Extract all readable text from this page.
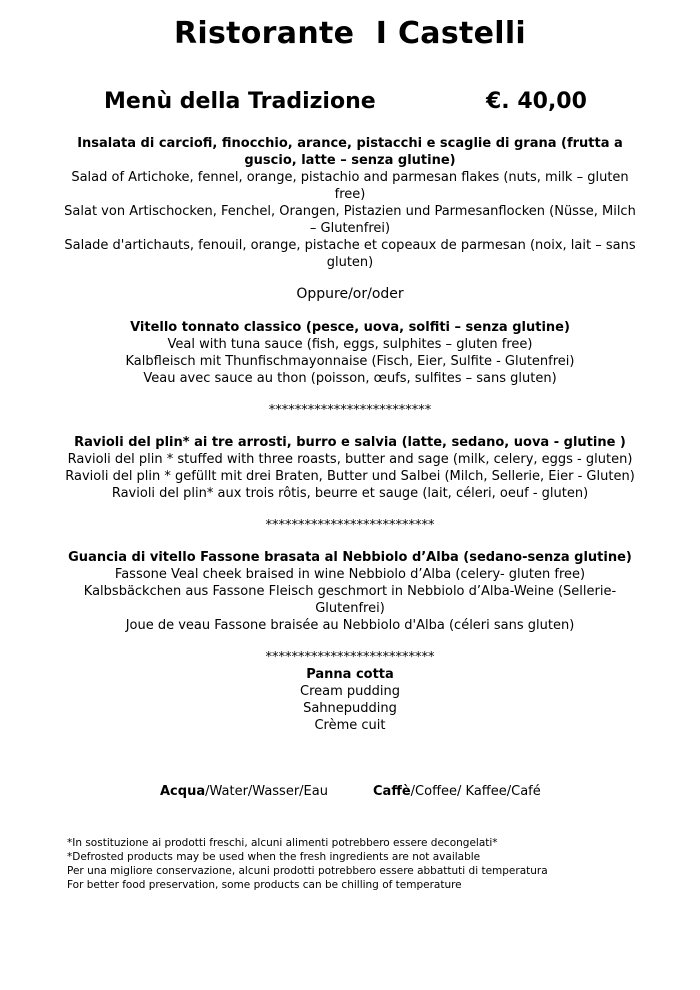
Ristorante  I Castelli
Menù della Tradizione	€. 40,00
Insalata di carciofi, finocchio, arance, pistacchi e scaglie di grana (frutta a guscio, latte – senza glutine)
Salad of Artichoke, fennel, orange, pistachio and parmesan flakes (nuts, milk – gluten free)
Salat von Artischocken, Fenchel, Orangen, Pistazien und Parmesanflocken (Nüsse, Milch – Glutenfrei)
Salade d'artichauts, fenouil, orange, pistache et copeaux de parmesan (noix, lait – sans gluten)
Oppure/or/oder
Vitello tonnato classico (pesce, uova, solfiti – senza glutine)
Veal with tuna sauce (fish, eggs, sulphites – gluten free)
Kalbfleisch mit Thunfischmayonnaise (Fisch, Eier, Sulfite - Glutenfrei)
Veau avec sauce au thon (poisson, œufs, sulfites – sans gluten)
*************************
Ravioli del plin* ai tre arrosti, burro e salvia (latte, sedano, uova - glutine )
Ravioli del plin * stuffed with three roasts, butter and sage (milk, celery, eggs - gluten)
Ravioli del plin * gefüllt mit drei Braten, Butter und Salbei (Milch, Sellerie, Eier - Gluten)
Ravioli del plin* aux trois rôtis, beurre et sauge (lait, céleri, oeuf - gluten)
**************************
Guancia di vitello Fassone brasata al Nebbiolo d’Alba (sedano-senza glutine)
Fassone Veal cheek braised in wine Nebbiolo d’Alba (celery- gluten free)
Kalbsbäckchen aus Fassone Fleisch geschmort in Nebbiolo d’Alba-Weine (Sellerie-Glutenfrei)
Joue de veau Fassone braisée au Nebbiolo d'Alba (céleri sans gluten)
**************************
Panna cotta
Cream pudding
Sahnepudding
Crème cuit
Acqua/Water/Wasser/Eau	Caffè/Coffee/ Kaffee/Café
*In sostituzione ai prodotti freschi, alcuni alimenti potrebbero essere decongelati*
*Defrosted products may be used when the fresh ingredients are not available
Per una migliore conservazione, alcuni prodotti potrebbero essere abbattuti di temperatura
For better food preservation, some products can be chilling of temperature
